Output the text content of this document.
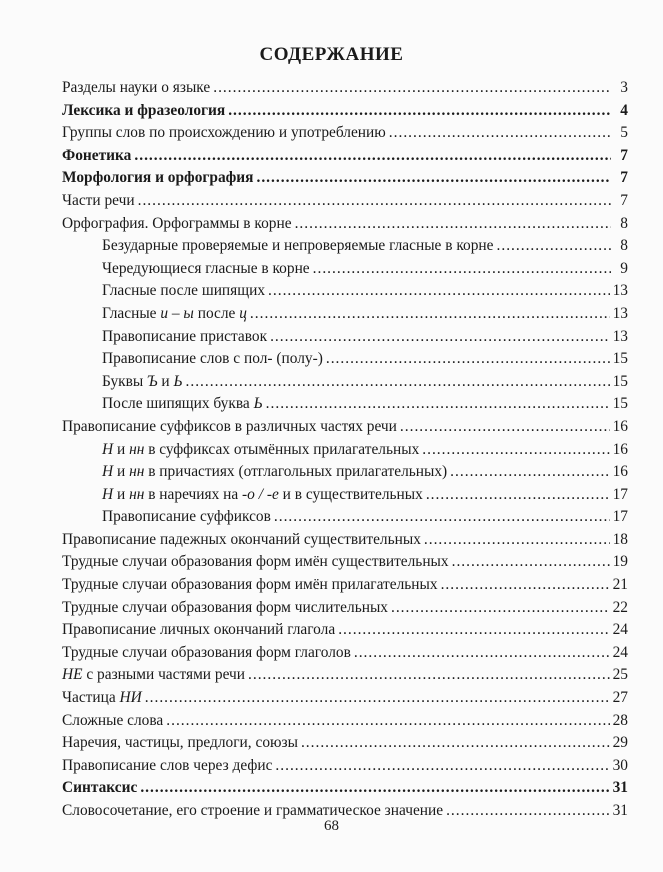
СОДЕРЖАНИЕ
Разделы науки о языке .....	3
Лексика и фразеология .....	4
Группы слов по происхождению и употреблению .....	5
Фонетика .....	7
Морфология и орфография .....	7
Части речи .....	7
Орфография. Орфограммы в корне .....	8
Безударные проверяемые и непроверяемые гласные в корне .....	8
Чередующиеся гласные в корне .....	9
Гласные после шипящих .....	13
Гласные и – ы после ц .....	13
Правописание приставок .....	13
Правописание слов с пол- (полу-) .....	15
Буквы Ъ и Ь .....	15
После шипящих буква Ь .....	15
Правописание суффиксов в различных частях речи .....	16
Н и нн в суффиксах отымённых прилагательных .....	16
Н и нн в причастиях (отглагольных прилагательных) .....	16
Н и нн в наречиях на -о / -е и в существительных .....	17
Правописание суффиксов .....	17
Правописание падежных окончаний существительных .....	18
Трудные случаи образования форм имён существительных .....	19
Трудные случаи образования форм имён прилагательных .....	21
Трудные случаи образования форм числительных .....	22
Правописание личных окончаний глагола .....	24
Трудные случаи образования форм глаголов .....	24
НЕ с разными частями речи .....	25
Частица НИ .....	27
Сложные слова .....	28
Наречия, частицы, предлоги, союзы .....	29
Правописание слов через дефис .....	30
Синтаксис .....	31
Словосочетание, его строение и грамматическое значение .....	31
68
